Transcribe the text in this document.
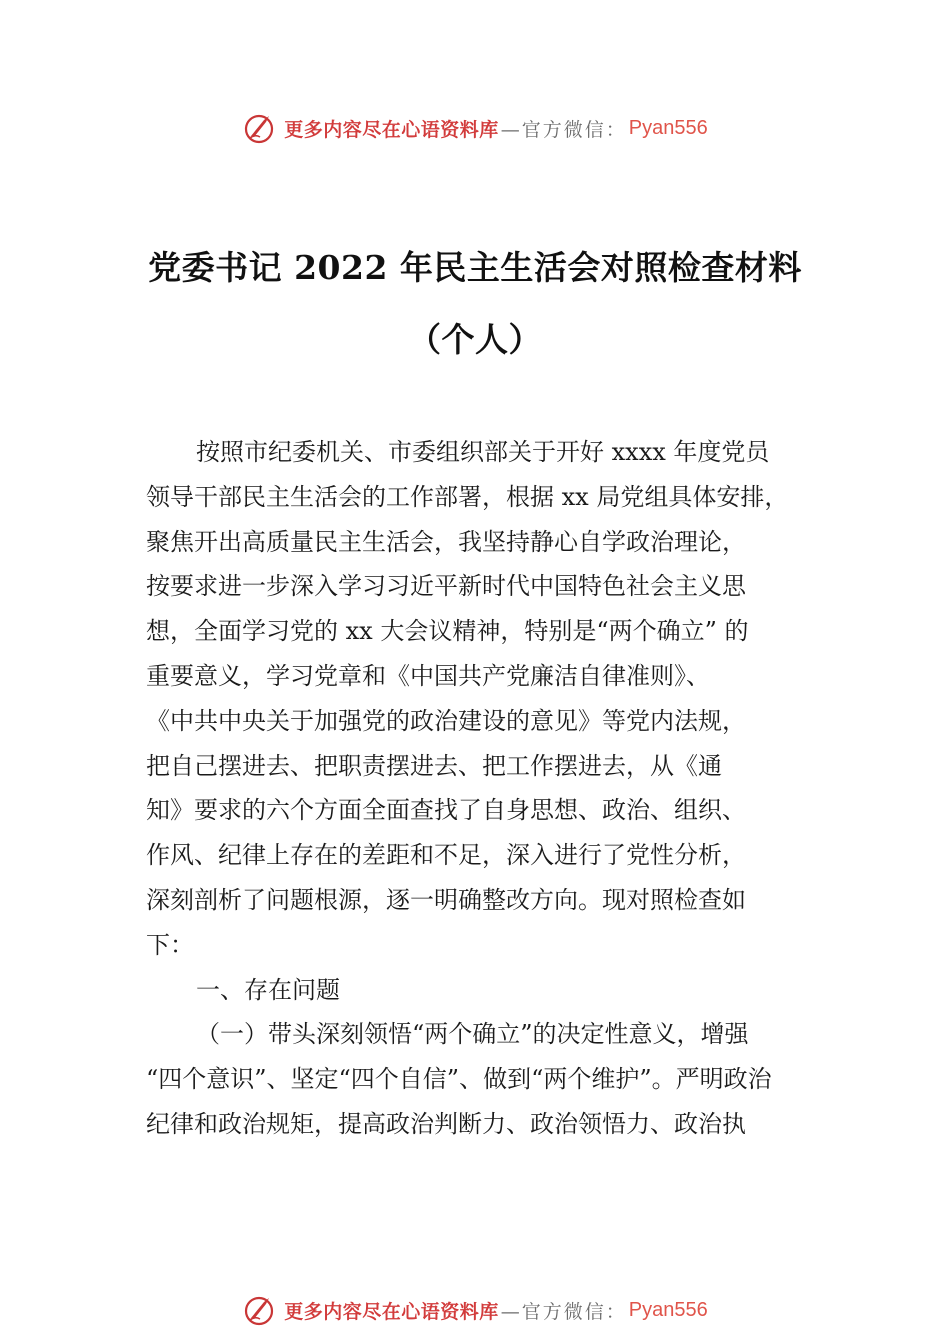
更多内容尽在心语资料库 —官方微信： Pyan556
党委书记 2022 年民主生活会对照检查材料
（个人）
按照市纪委机关、市委组织部关于开好 xxxx 年度党员
领导干部民主生活会的工作部署，根据 xx 局党组具体安排，
聚焦开出高质量民主生活会，我坚持静心自学政治理论，
按要求进一步深入学习习近平新时代中国特色社会主义思
想，全面学习党的 xx 大会议精神，特别是“两个确立” 的
重要意义，学习党章和《中国共产党廉洁自律准则》、
《中共中央关于加强党的政治建设的意见》等党内法规，
把自己摆进去、把职责摆进去、把工作摆进去，从《通
知》要求的六个方面全面查找了自身思想、政治、组织、
作风、纪律上存在的差距和不足，深入进行了党性分析，
深刻剖析了问题根源，逐一明确整改方向。现对照检查如
下：
一、存在问题
（一）带头深刻领悟“两个确立”的决定性意义，增强
“四个意识”、坚定“四个自信”、做到“两个维护”。严明政治
纪律和政治规矩，提高政治判断力、政治领悟力、政治执
更多内容尽在心语资料库 —官方微信： Pyan556
